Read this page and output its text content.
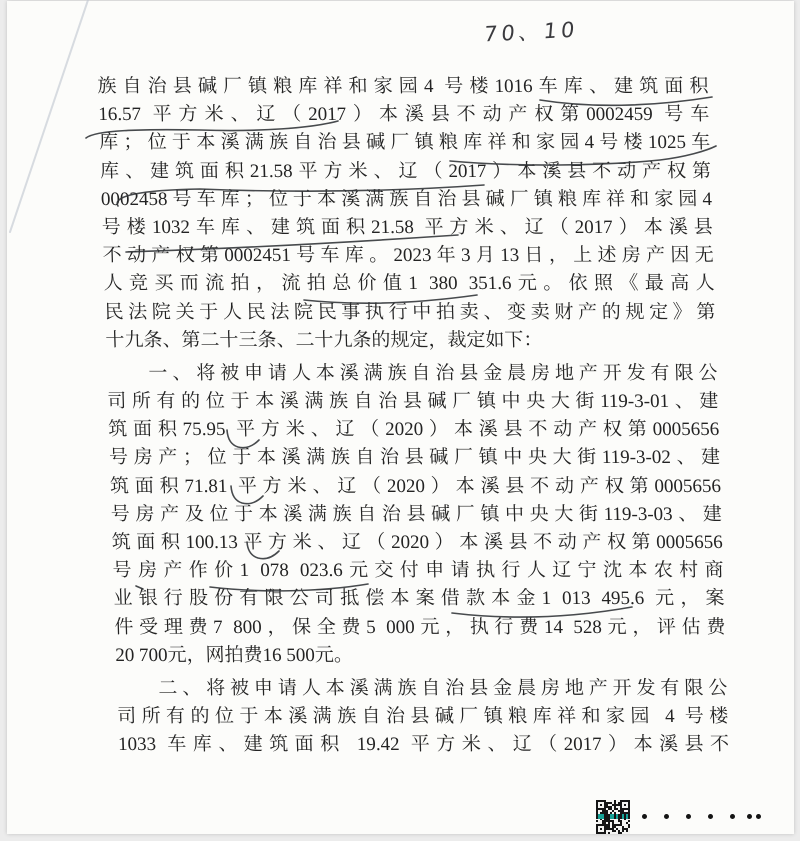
70、10
族自治县碱厂镇粮库祥和家园4 号楼1016车库、建筑面积
16.57 平方米、辽（2017）本溪县不动产权第0002459 号车
库；位于本溪满族自治县碱厂镇粮库祥和家园4号楼1025车
库、建筑面积21.58平方米、辽（2017）本溪县不动产权第
0002458号车库；位于本溪满族自治县碱厂镇粮库祥和家园4
号楼1032车库、建筑面积21.58 平方米、辽（2017）本溪县
不动产权第0002451号车库。2023年3月13日，上述房产因无
人竞买而流拍，流拍总价值1 380 351.6元。依照《最高人
民法院关于人民法院民事执行中拍卖、变卖财产的规定》第
十九条、第二十三条、二十九条的规定，裁定如下：
一、将被申请人本溪满族自治县金晨房地产开发有限公
司所有的位于本溪满族自治县碱厂镇中央大街119-3-01、建
筑面积75.95 平方米、辽（2020）本溪县不动产权第0005656
号房产；位于本溪满族自治县碱厂镇中央大街119-3-02、建
筑面积71.81 平方米、辽（2020）本溪县不动产权第0005656
号房产及位于本溪满族自治县碱厂镇中央大街119-3-03、建
筑面积100.13平方米、辽（2020）本溪县不动产权第0005656
号房产作价1 078 023.6元交付申请执行人辽宁沈本农村商
业银行股份有限公司抵偿本案借款本金1 013 495.6 元，案
件受理费7 800，保全费5 000元，执行费14 528元，评估费
20 700元，网拍费16 500元。
二、将被申请人本溪满族自治县金晨房地产开发有限公
司所有的位于本溪满族自治县碱厂镇粮库祥和家园 4 号楼
1033 车库、建筑面积 19.42 平方米、辽（2017）本溪县不
